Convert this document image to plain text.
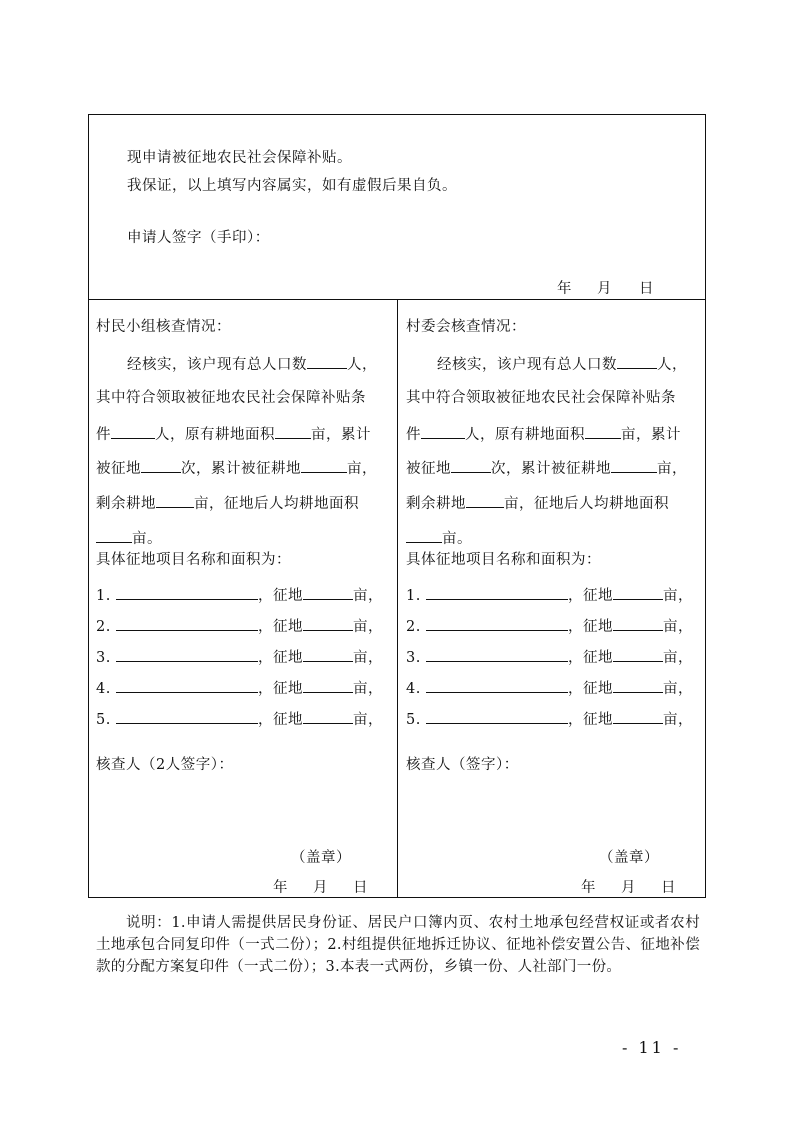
现申请被征地农民社会保障补贴。
我保证，以上填写内容属实，如有虚假后果自负。
申请人签字（手印）：
年 月 日
村民小组核查情况：
经核实，该户现有总人口数	人，
其中符合领取被征地农民社会保障补贴条
件	人，原有耕地面积 亩，累计
被征地	次，累计被征耕地	亩，
剩余耕地	亩，征地后人均耕地面积
亩。
具体征地项目名称和面积为：
1.	，征地	亩，
2.	，征地	亩，
3.	，征地	亩，
4.	，征地	亩，
5.	，征地	亩，
核查人（2人签字）：
（盖章）
年 月 日
村委会核查情况：
经核实，该户现有总人口数	人，
其中符合领取被征地农民社会保障补贴条
件	人，原有耕地面积 亩，累计
被征地	次，累计被征耕地	亩，
剩余耕地	亩，征地后人均耕地面积
亩。
具体征地项目名称和面积为：
1.	，征地	亩，
2.	，征地	亩，
3.	，征地	亩，
4.	，征地	亩，
5.	，征地	亩，
核查人（签字）：
（盖章）
年 月 日
说明：1.申请人需提供居民身份证、居民户口簿内页、农村土地承包经营权证或者农村土地承包合同复印件（一式二份）；2.村组提供征地拆迁协议、征地补偿安置公告、征地补偿款的分配方案复印件（一式二份）；3.本表一式两份，乡镇一份、人社部门一份。
- 11 -
